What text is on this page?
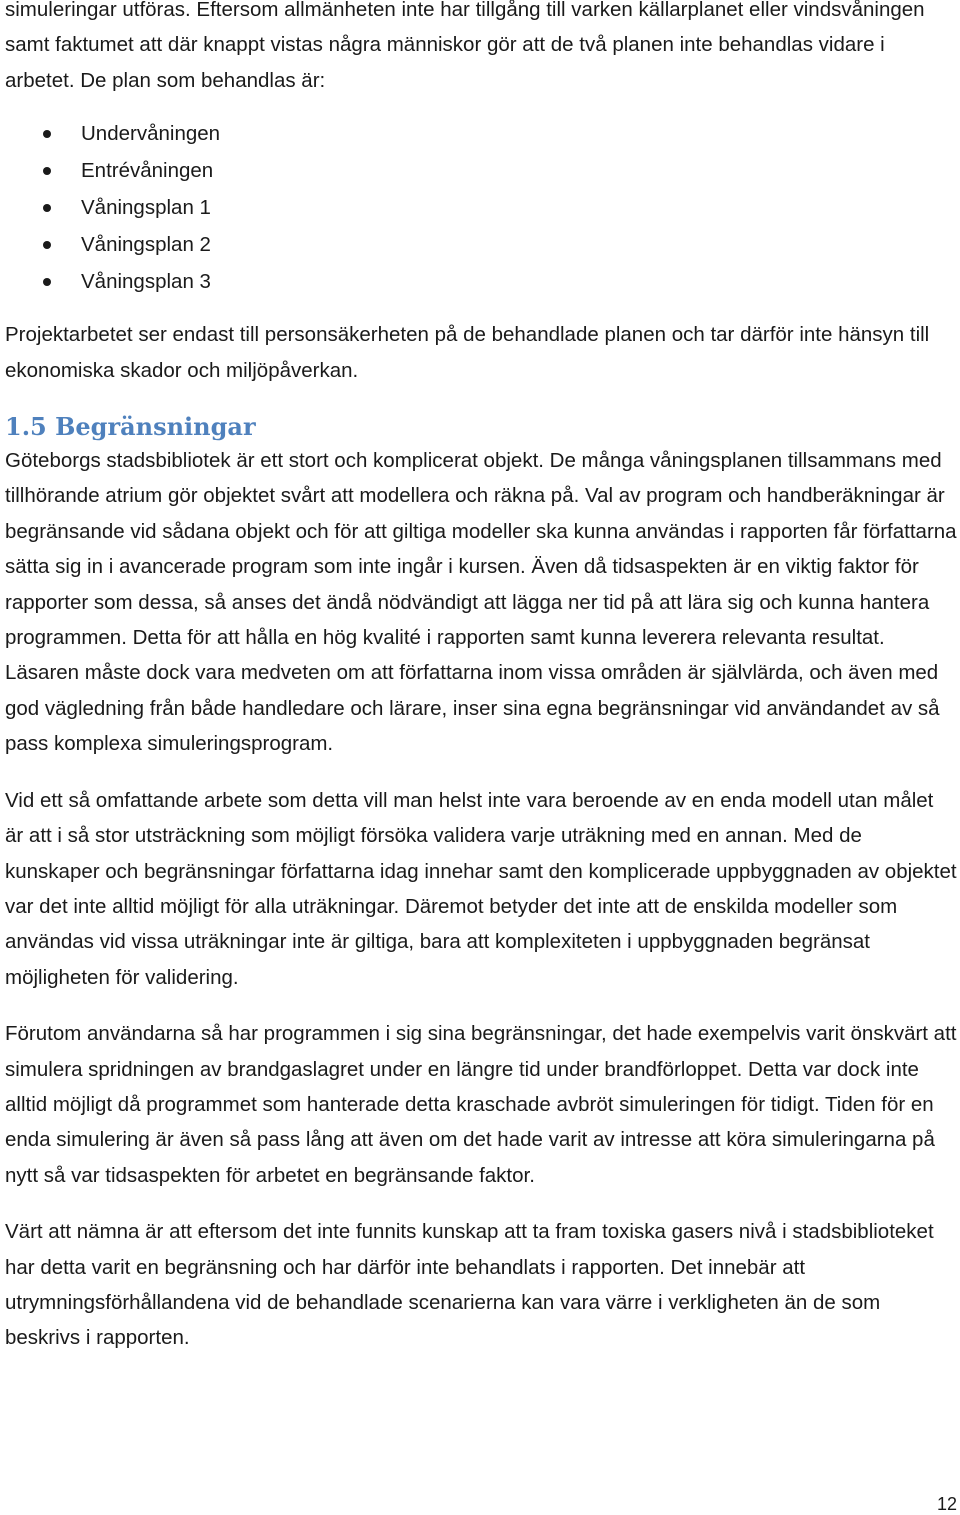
simuleringar utföras. Eftersom allmänheten inte har tillgång till varken källarplanet eller vindsvåningen samt faktumet att där knappt vistas några människor gör att de två planen inte behandlas vidare i arbetet. De plan som behandlas är:

Undervåningen
Entrévåningen
Våningsplan 1
Våningsplan 2
Våningsplan 3

Projektarbetet ser endast till personsäkerheten på de behandlade planen och tar därför inte hänsyn till ekonomiska skador och miljöpåverkan.

1.5 Begränsningar

Göteborgs stadsbibliotek är ett stort och komplicerat objekt. De många våningsplanen tillsammans med tillhörande atrium gör objektet svårt att modellera och räkna på. Val av program och handberäkningar är begränsande vid sådana objekt och för att giltiga modeller ska kunna användas i rapporten får författarna sätta sig in i avancerade program som inte ingår i kursen. Även då tidsaspekten är en viktig faktor för rapporter som dessa, så anses det ändå nödvändigt att lägga ner tid på att lära sig och kunna hantera programmen. Detta för att hålla en hög kvalité i rapporten samt kunna leverera relevanta resultat. Läsaren måste dock vara medveten om att författarna inom vissa områden är självlärda, och även med god vägledning från både handledare och lärare, inser sina egna begränsningar vid användandet av så pass komplexa simuleringsprogram.

Vid ett så omfattande arbete som detta vill man helst inte vara beroende av en enda modell utan målet är att i så stor utsträckning som möjligt försöka validera varje uträkning med en annan. Med de kunskaper och begränsningar författarna idag innehar samt den komplicerade uppbyggnaden av objektet var det inte alltid möjligt för alla uträkningar. Däremot betyder det inte att de enskilda modeller som användas vid vissa uträkningar inte är giltiga, bara att komplexiteten i uppbyggnaden begränsat möjligheten för validering.

Förutom användarna så har programmen i sig sina begränsningar, det hade exempelvis varit önskvärt att simulera spridningen av brandgaslagret under en längre tid under brandförloppet. Detta var dock inte alltid möjligt då programmet som hanterade detta kraschade avbröt simuleringen för tidigt. Tiden för en enda simulering är även så pass lång att även om det hade varit av intresse att köra simuleringarna på nytt så var tidsaspekten för arbetet en begränsande faktor.

Värt att nämna är att eftersom det inte funnits kunskap att ta fram toxiska gasers nivå i stadsbiblioteket har detta varit en begränsning och har därför inte behandlats i rapporten. Det innebär att utrymningsförhållandena vid de behandlade scenarierna kan vara värre i verkligheten än de som beskrivs i rapporten.

12
